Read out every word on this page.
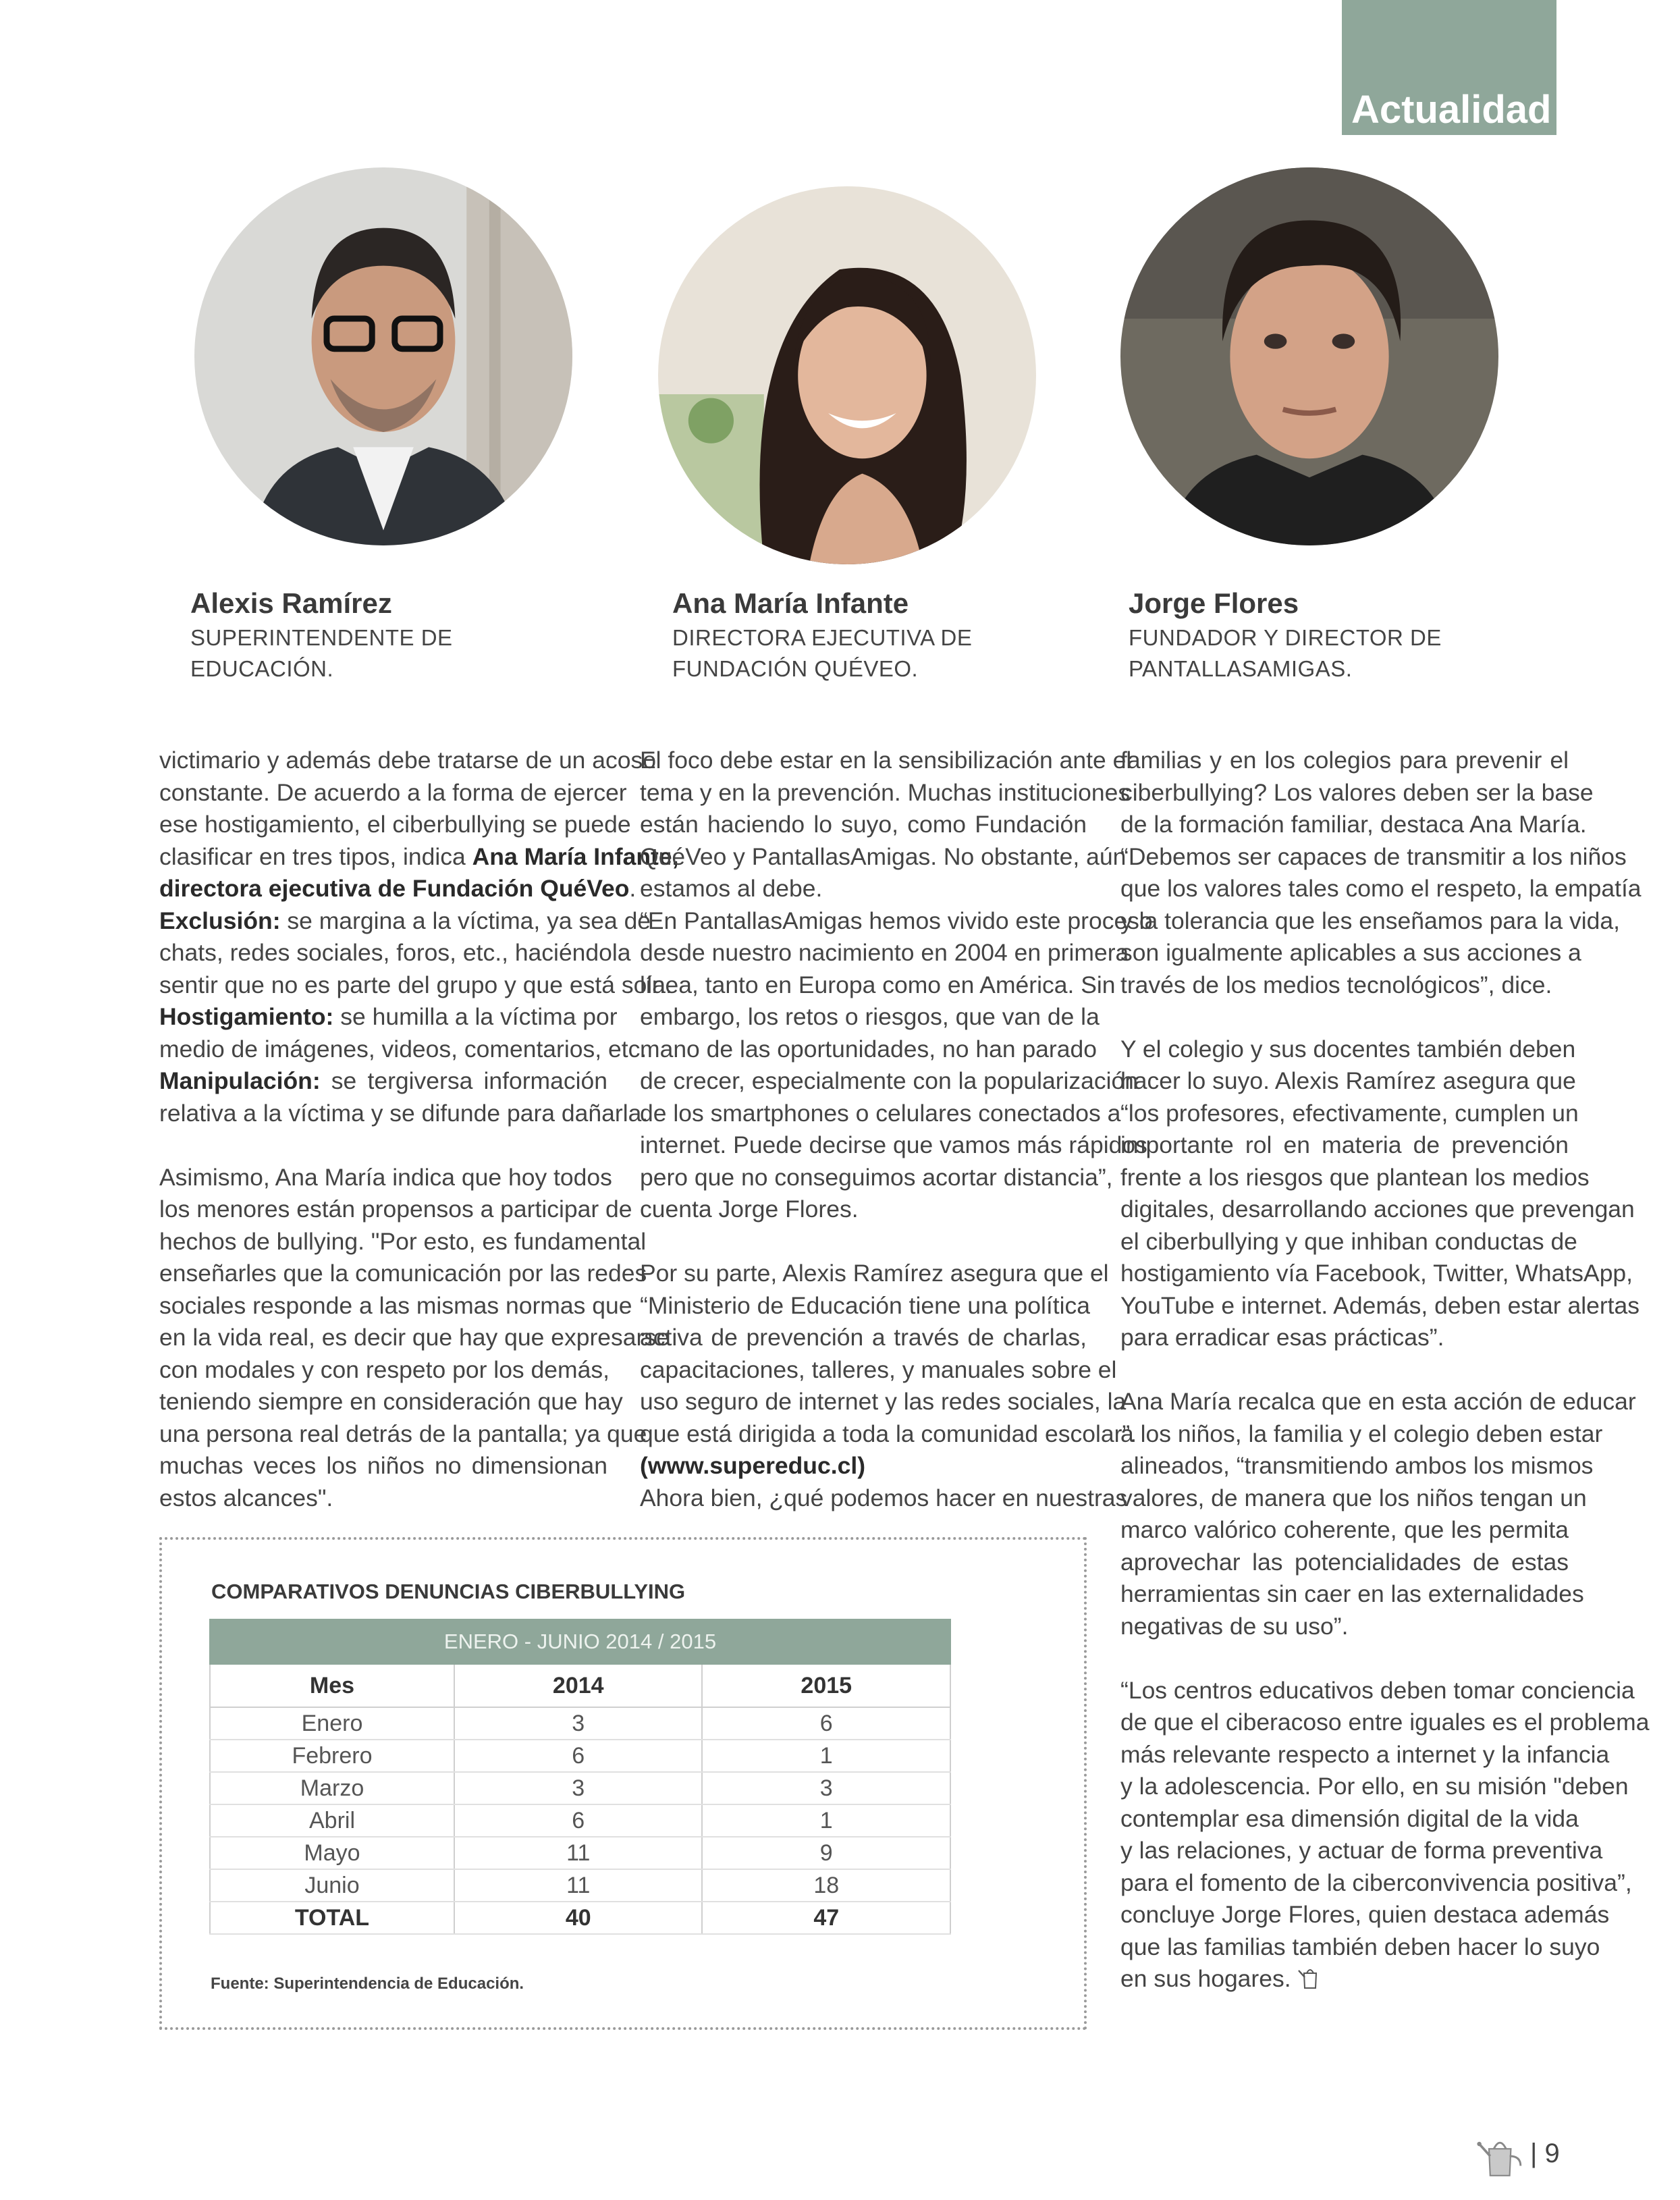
Actualidad
Alexis Ramírez
SUPERINTENDENTE DE EDUCACIÓN.
Ana María Infante
DIRECTORA EJECUTIVA DE
FUNDACIÓN QUÉVEO.
Jorge Flores
FUNDADOR Y DIRECTOR DE
PANTALLASAMIGAS.
victimario y además debe tratarse de un acoso
constante. De acuerdo a la forma de ejercer
ese hostigamiento, el ciberbullying se puede
clasificar en tres tipos, indica Ana María Infante,
directora ejecutiva de Fundación QuéVeo.
Exclusión: se margina a la víctima, ya sea de
chats, redes sociales, foros, etc., haciéndola
sentir que no es parte del grupo y que está sola.
Hostigamiento: se humilla a la víctima por
medio de imágenes, videos, comentarios, etc.
Manipulación: se tergiversa información
relativa a la víctima y se difunde para dañarla.
Asimismo, Ana María indica que hoy todos
los menores están propensos a participar de
hechos de bullying. "Por esto, es fundamental
enseñarles que la comunicación por las redes
sociales responde a las mismas normas que
en la vida real, es decir que hay que expresarse
con modales y con respeto por los demás,
teniendo siempre en consideración que hay
una persona real detrás de la pantalla; ya que
muchas veces los niños no dimensionan
estos alcances".
El foco debe estar en la sensibilización ante el
tema y en la prevención. Muchas instituciones
están haciendo lo suyo, como Fundación
QuéVeo y PantallasAmigas. No obstante, aún
estamos al debe.
“En PantallasAmigas hemos vivido este proceso
desde nuestro nacimiento en 2004 en primera
línea, tanto en Europa como en América. Sin
embargo, los retos o riesgos, que van de la
mano de las oportunidades, no han parado
de crecer, especialmente con la popularización
de los smartphones o celulares conectados a
internet. Puede decirse que vamos más rápidos
pero que no conseguimos acortar distancia”,
cuenta Jorge Flores.
Por su parte, Alexis Ramírez asegura que el
“Ministerio de Educación tiene una política
activa de prevención a través de charlas,
capacitaciones, talleres, y manuales sobre el
uso seguro de internet y las redes sociales, la
que está dirigida a toda la comunidad escolar”.
(www.supereduc.cl)
Ahora bien, ¿qué podemos hacer en nuestras
familias y en los colegios para prevenir el
ciberbullying? Los valores deben ser la base
de la formación familiar, destaca Ana María.
“Debemos ser capaces de transmitir a los niños
que los valores tales como el respeto, la empatía
y la tolerancia que les enseñamos para la vida,
son igualmente aplicables a sus acciones a
través de los medios tecnológicos”, dice.
Y el colegio y sus docentes también deben
hacer lo suyo. Alexis Ramírez asegura que
“los profesores, efectivamente, cumplen un
importante rol en materia de prevención
frente a los riesgos que plantean los medios
digitales, desarrollando acciones que prevengan
el ciberbullying y que inhiban conductas de
hostigamiento vía Facebook, Twitter, WhatsApp,
YouTube e internet. Además, deben estar alertas
para erradicar esas prácticas”.
Ana María recalca que en esta acción de educar
a los niños, la familia y el colegio deben estar
alineados, “transmitiendo ambos los mismos
valores, de manera que los niños tengan un
marco valórico coherente, que les permita
aprovechar las potencialidades de estas
herramientas sin caer en las externalidades
negativas de su uso”.
“Los centros educativos deben tomar conciencia
de que el ciberacoso entre iguales es el problema
más relevante respecto a internet y la infancia
y la adolescencia. Por ello, en su misión "deben
contemplar esa dimensión digital de la vida
y las relaciones, y actuar de forma preventiva
para el fomento de la ciberconvivencia positiva”,
concluye Jorge Flores, quien destaca además
que las familias también deben hacer lo suyo
en sus hogares.
COMPARATIVOS DENUNCIAS CIBERBULLYING
ENERO - JUNIO 2014 / 2015
Mes	2014	2015
Enero	3	6
Febrero	6	1
Marzo	3	3
Abril	6	1
Mayo	11	9
Junio	11	18
TOTAL	40	47
Fuente: Superintendencia de Educación.
| 9
